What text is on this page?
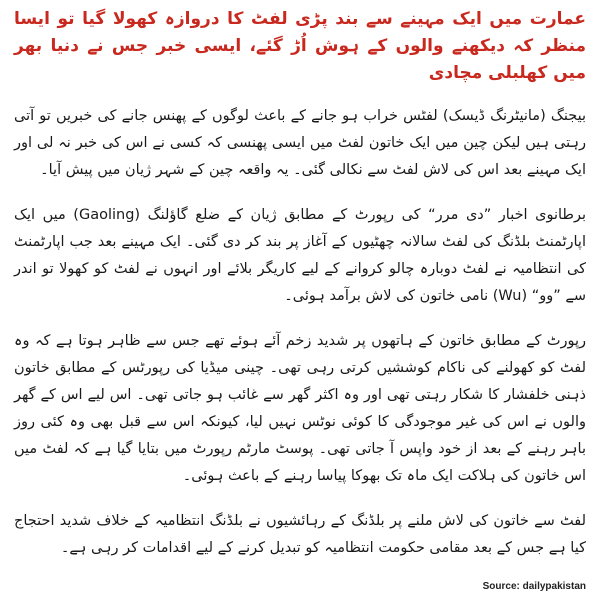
عمارت میں ایک مہینے سے بند پڑی لفٹ کا دروازہ کھولا گیا تو ایسا منظر کہ دیکھنے والوں کے ہوش اُڑ گئے، ایسی خبر جس نے دنیا بھر میں کھلبلی مچادی

بیجنگ (مانیٹرنگ ڈیسک) لفٹس خراب ہو جانے کے باعث لوگوں کے پھنس جانے کی خبریں تو آتی رہتی ہیں لیکن چین میں ایک خاتون لفٹ میں ایسی پھنسی کہ کسی نے اس کی خبر نہ لی اور ایک مہینے بعد اس کی لاش لفٹ سے نکالی گئی۔ یہ واقعہ چین کے شہر ژیان میں پیش آیا۔

برطانوی اخبار ”دی مرر“ کی رپورٹ کے مطابق ژیان کے ضلع گاؤلنگ (Gaoling) میں ایک اپارٹمنٹ بلڈنگ کی لفٹ سالانہ چھٹیوں کے آغاز پر بند کر دی گئی۔ ایک مہینے بعد جب اپارٹمنٹ کی انتظامیہ نے لفٹ دوبارہ چالو کروانے کے لیے کاریگر بلائے اور انہوں نے لفٹ کو کھولا تو اندر سے ”وو“ (Wu) نامی خاتون کی لاش برآمد ہوئی۔

رپورٹ کے مطابق خاتون کے ہاتھوں پر شدید زخم آئے ہوئے تھے جس سے ظاہر ہوتا ہے کہ وہ لفٹ کو کھولنے کی ناکام کوششیں کرتی رہی تھی۔ چینی میڈیا کی رپورٹس کے مطابق خاتون ذہنی خلفشار کا شکار رہتی تھی اور وہ اکثر گھر سے غائب ہو جاتی تھی۔ اس لیے اس کے گھر والوں نے اس کی غیر موجودگی کا کوئی نوٹس نہیں لیا، کیونکہ اس سے قبل بھی وہ کئی روز باہر رہنے کے بعد از خود واپس آ جاتی تھی۔ پوسٹ مارٹم رپورٹ میں بتایا گیا ہے کہ لفٹ میں اس خاتون کی ہلاکت ایک ماہ تک بھوکا پیاسا رہنے کے باعث ہوئی۔

لفٹ سے خاتون کی لاش ملنے پر بلڈنگ کے رہائشیوں نے بلڈنگ انتظامیہ کے خلاف شدید احتجاج کیا ہے جس کے بعد مقامی حکومت انتظامیہ کو تبدیل کرنے کے لیے اقدامات کر رہی ہے۔

Source: dailypakistan
